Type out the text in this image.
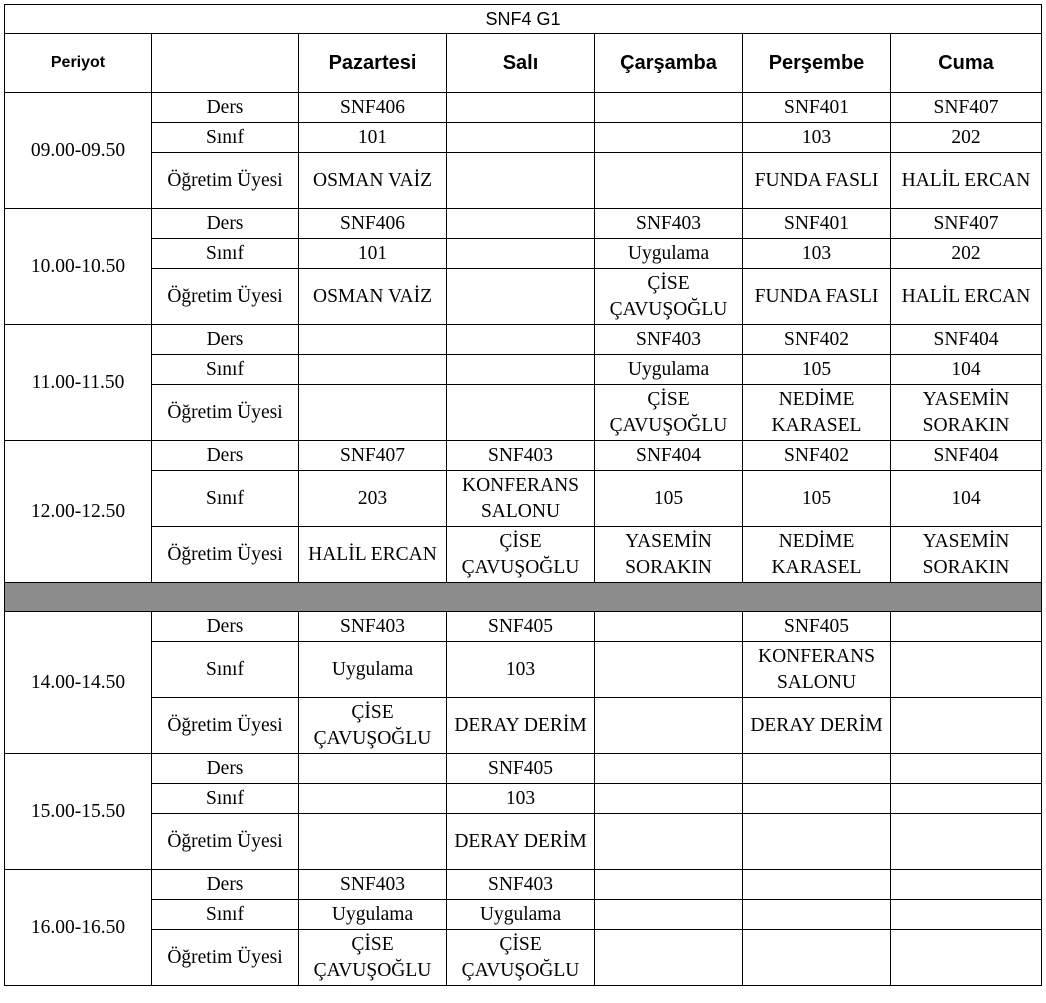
SNF4 G1						
Periyot		Pazartesi	Salı	Çarşamba	Perşembe	Cuma
09.00-09.50	Ders	SNF406			SNF401	SNF407
	Sınıf	101			103	202
	Öğretim Üyesi	OSMAN VAİZ			FUNDA FASLI	HALİL ERCAN
10.00-10.50	Ders	SNF406		SNF403	SNF401	SNF407
	Sınıf	101		Uygulama	103	202
	Öğretim Üyesi	OSMAN VAİZ		ÇİSE ÇAVUŞOĞLU	FUNDA FASLI	HALİL ERCAN
11.00-11.50	Ders			SNF403	SNF402	SNF404
	Sınıf			Uygulama	105	104
	Öğretim Üyesi			ÇİSE ÇAVUŞOĞLU	NEDİME KARASEL	YASEMİN SORAKIN
12.00-12.50	Ders	SNF407	SNF403	SNF404	SNF402	SNF404
	Sınıf	203	KONFERANS SALONU	105	105	104
	Öğretim Üyesi	HALİL ERCAN	ÇİSE ÇAVUŞOĞLU	YASEMİN SORAKIN	NEDİME KARASEL	YASEMİN SORAKIN

14.00-14.50	Ders	SNF403	SNF405		SNF405	
	Sınıf	Uygulama	103		KONFERANS SALONU	
	Öğretim Üyesi	ÇİSE ÇAVUŞOĞLU	DERAY DERİM		DERAY DERİM	
15.00-15.50	Ders		SNF405			
	Sınıf		103			
	Öğretim Üyesi		DERAY DERİM			
16.00-16.50	Ders	SNF403	SNF403			
	Sınıf	Uygulama	Uygulama			
	Öğretim Üyesi	ÇİSE ÇAVUŞOĞLU	ÇİSE ÇAVUŞOĞLU			
